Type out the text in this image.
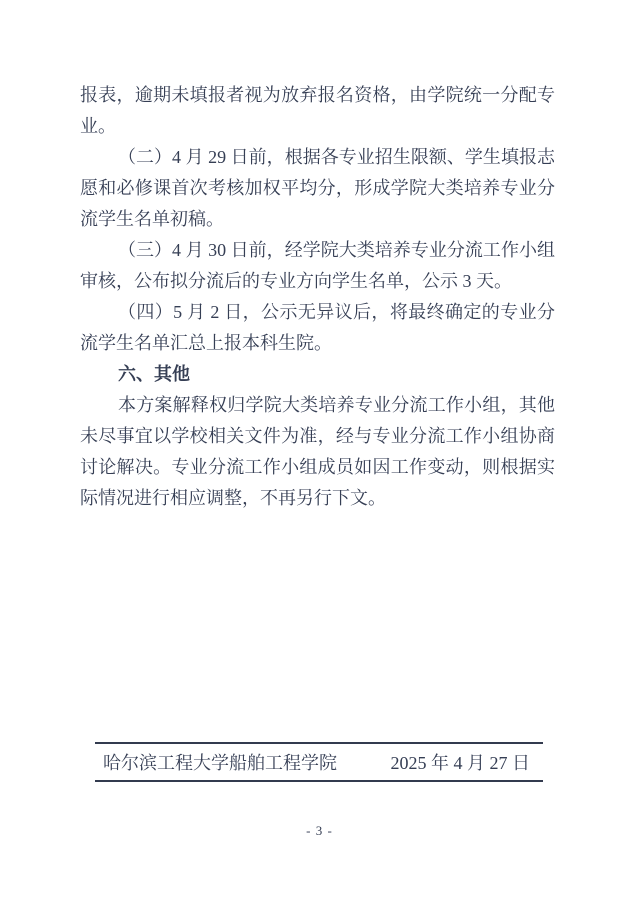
报表，逾期未填报者视为放弃报名资格，由学院统一分配专
业。
（二）4 月 29 日前，根据各专业招生限额、学生填报志
愿和必修课首次考核加权平均分，形成学院大类培养专业分
流学生名单初稿。
（三）4 月 30 日前，经学院大类培养专业分流工作小组
审核，公布拟分流后的专业方向学生名单，公示 3 天。
（四）5 月 2 日，公示无异议后，将最终确定的专业分
流学生名单汇总上报本科生院。
六、其他
本方案解释权归学院大类培养专业分流工作小组，其他
未尽事宜以学校相关文件为准，经与专业分流工作小组协商
讨论解决。专业分流工作小组成员如因工作变动，则根据实
际情况进行相应调整，不再另行下文。
哈尔滨工程大学船舶工程学院	2025 年 4 月 27 日
- 3 -
